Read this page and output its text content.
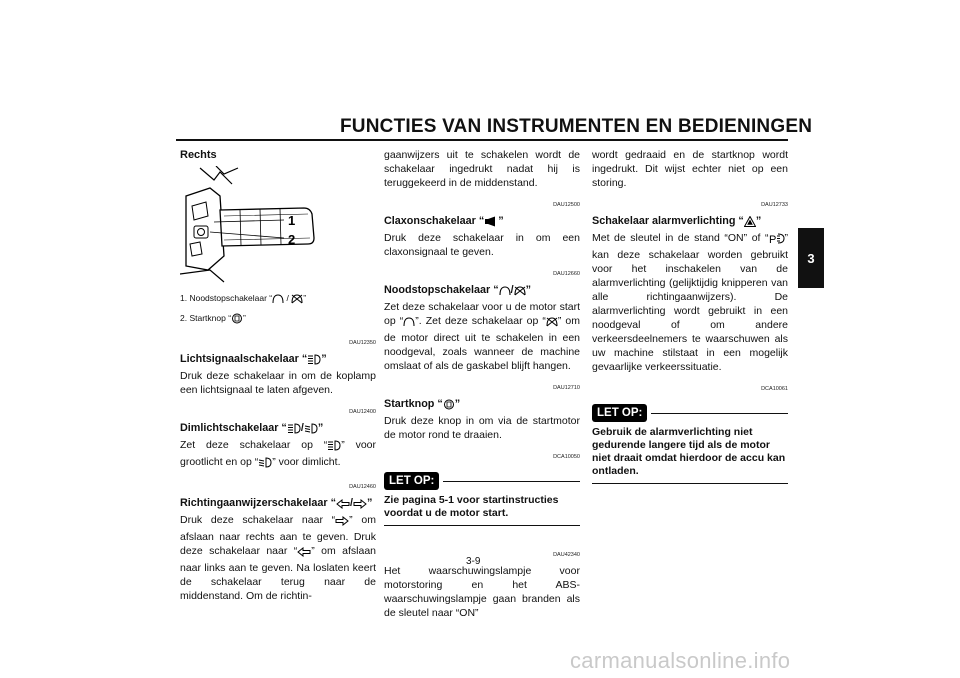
FUNCTIES VAN INSTRUMENTEN EN BEDIENINGEN
3

Rechts

1
2

1. Noodstopschakelaar “ / ”

2. Startknop “ ”

DAU12350

Lichtsignaalschakelaar “ ”

Druk deze schakelaar in om de koplamp een lichtsignaal te laten afgeven.

DAU12400

Dimlichtschakelaar “ / ”

Zet deze schakelaar op “ ” voor grootlicht en op “ ” voor dimlicht.

DAU12460

Richtingaanwijzerschakelaar “ / ”

Druk deze schakelaar naar “ ” om afslaan naar rechts aan te geven. Druk deze schakelaar naar “ ” om afslaan naar links aan te geven. Na loslaten keert de schakelaar terug naar de middenstand. Om de richtin-

gaanwijzers uit te schakelen wordt de schakelaar ingedrukt nadat hij is teruggekeerd in de middenstand.

DAU12500

Claxonschakelaar “ ”

Druk deze schakelaar in om een claxonsignaal te geven.

DAU12660

Noodstopschakelaar “ / ”

Zet deze schakelaar voor u de motor start op “ ”. Zet deze schakelaar op “ ” om de motor direct uit te schakelen in een noodgeval, zoals wanneer de machine omslaat of als de gaskabel blijft hangen.

DAU12710

Startknop “ ”

Druk deze knop in om via de startmotor de motor rond te draaien.

DCA10050

LET OP:

Zie pagina 5-1 voor startinstructies voordat u de motor start.

DAU42340

Het waarschuwingslampje voor motorstoring en het ABS-waarschuwingslampje gaan branden als de sleutel naar “ON”

wordt gedraaid en de startknop wordt ingedrukt. Dit wijst echter niet op een storing.

DAU12733

Schakelaar alarmverlichting “ ”

Met de sleutel in de stand “ON” of “ P ” kan deze schakelaar worden gebruikt voor het inschakelen van de alarmverlichting (gelijktijdig knipperen van alle richtingaanwijzers). De alarmverlichting wordt gebruikt in een noodgeval of om andere verkeersdeelnemers te waarschuwen als uw machine stilstaat in een mogelijk gevaarlijke verkeerssituatie.

DCA10061

LET OP:

Gebruik de alarmverlichting niet gedurende langere tijd als de motor niet draait omdat hierdoor de accu kan ontladen.

3-9
carmanualsonline.info
